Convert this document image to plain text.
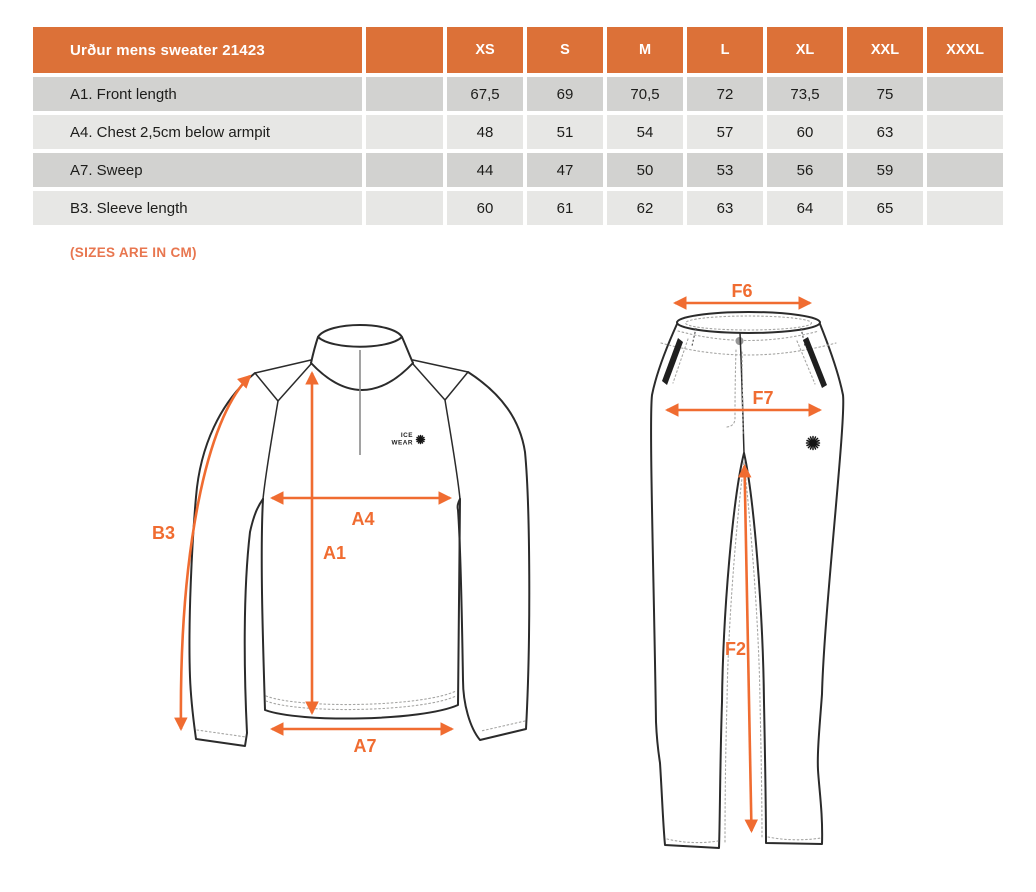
Urður mens sweater 21423	XS	S	M	L	XL	XXL	XXXL
A1. Front length	67,5	69	70,5	72	73,5	75
A4. Chest 2,5cm below armpit	48	51	54	57	60	63
A7. Sweep	44	47	50	53	56	59
B3. Sleeve length	60	61	62	63	64	65
(SIZES ARE IN CM)
ICE
WEAR
B3
A4
A1
A7
F6
F7
F2
